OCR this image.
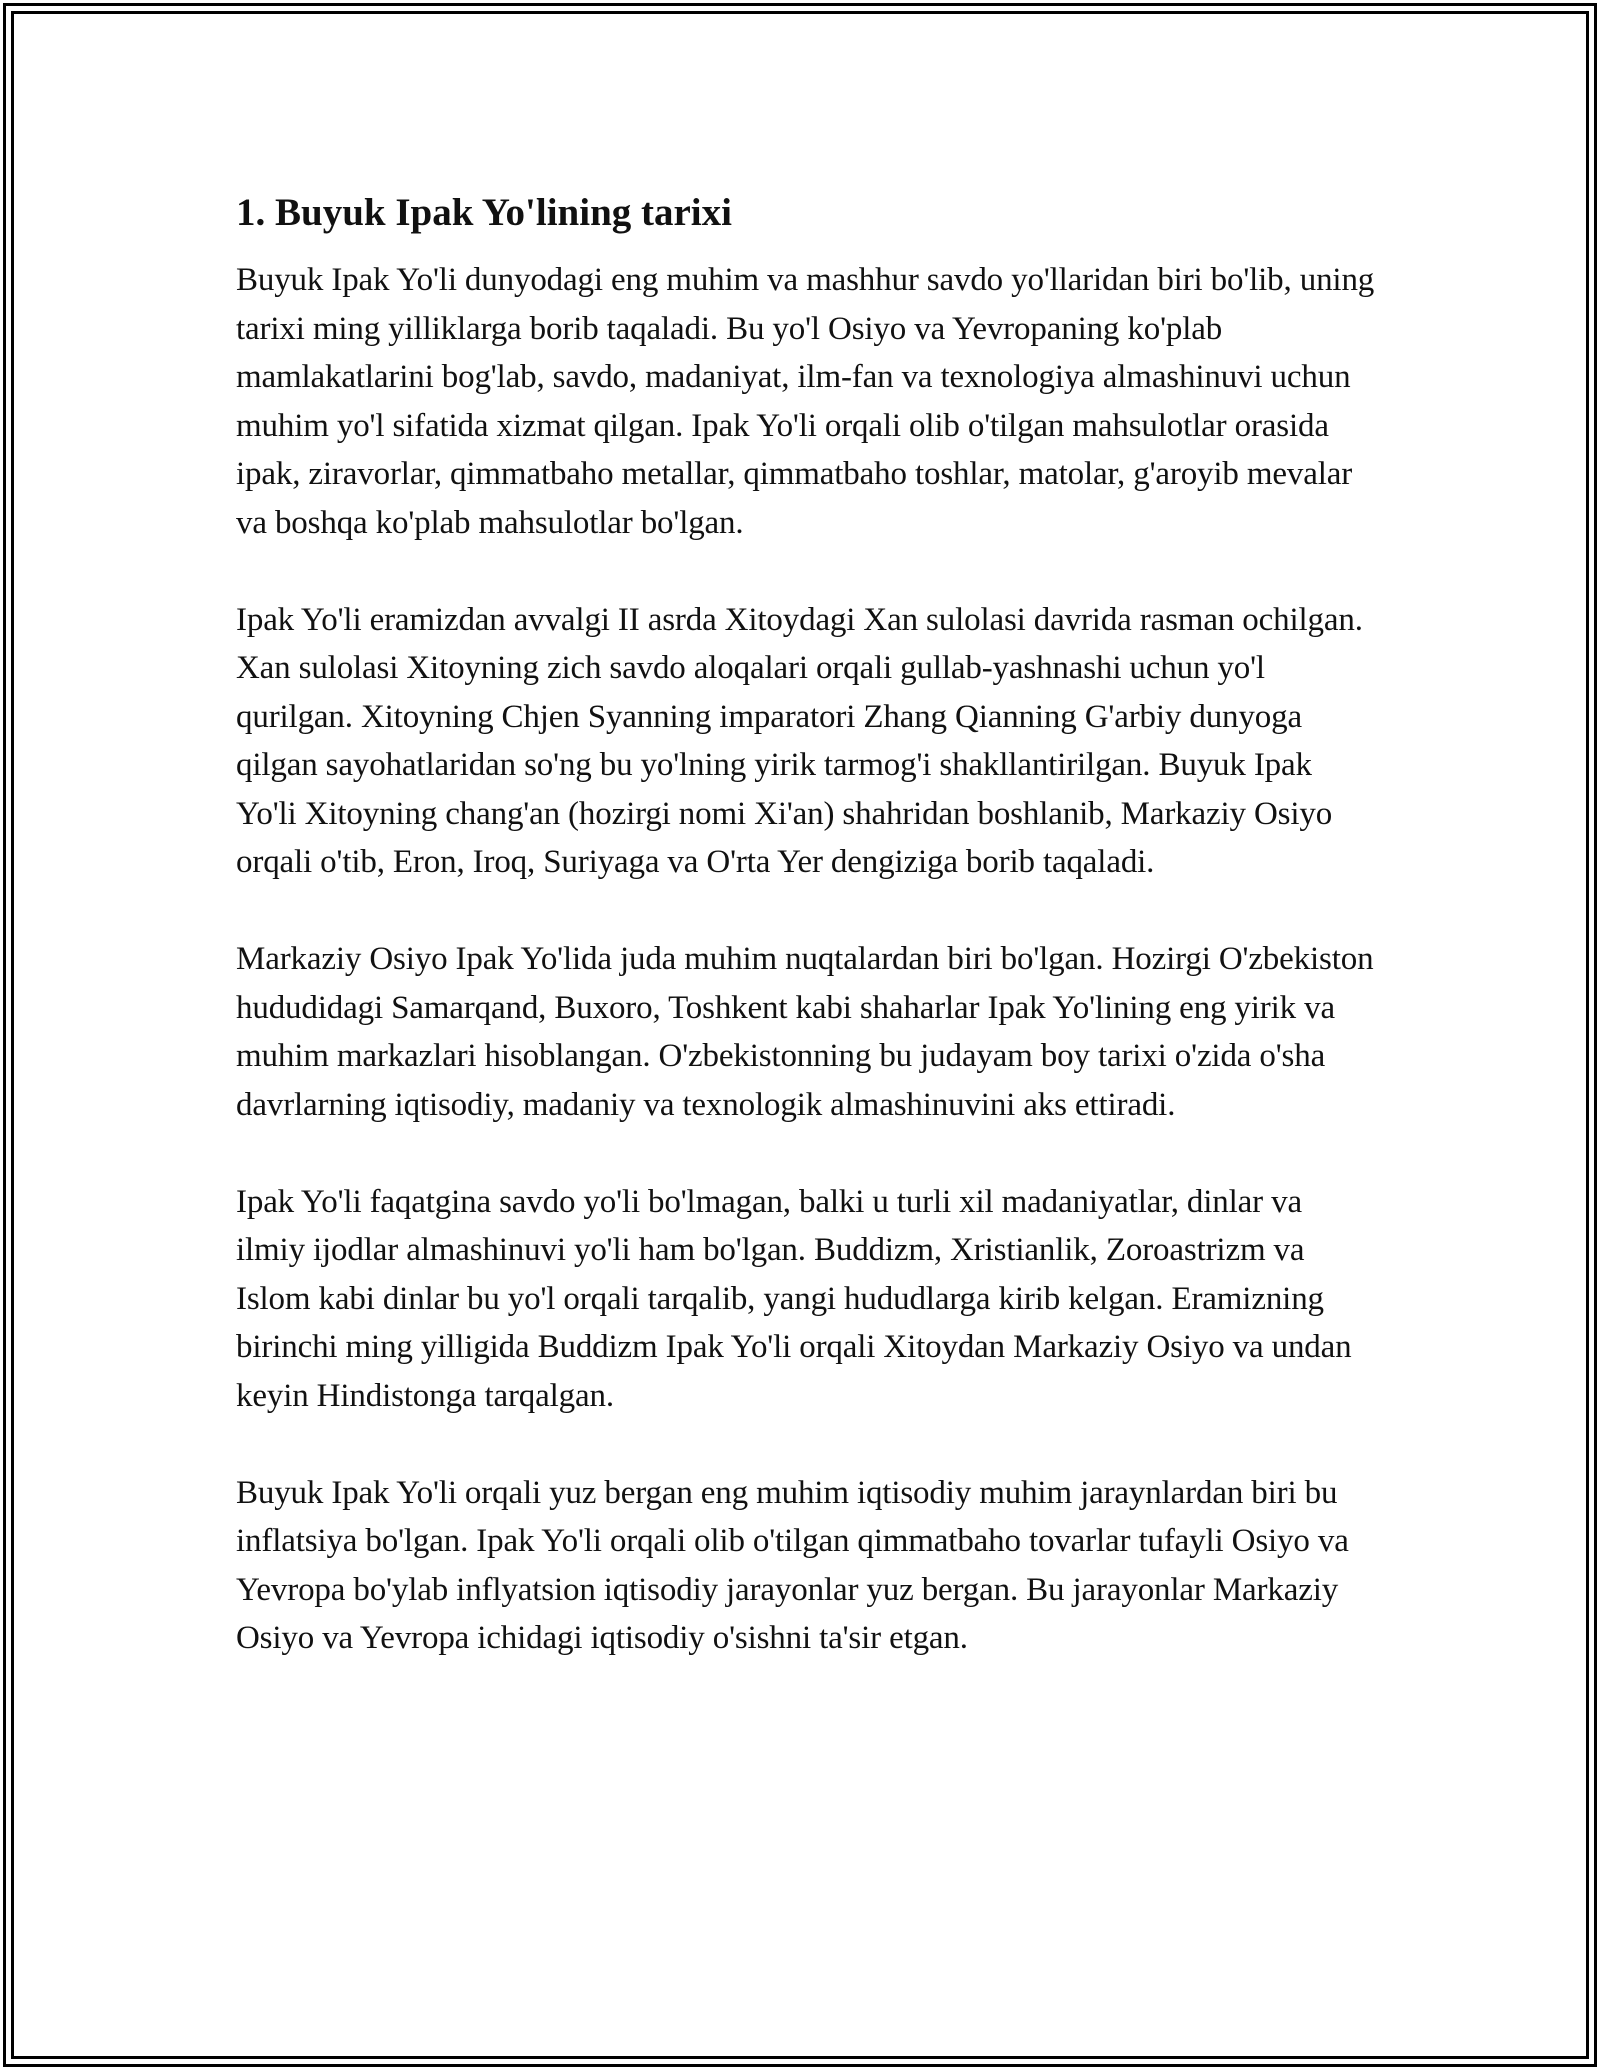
1. Buyuk Ipak Yo'lining tarixi

Buyuk Ipak Yo'li dunyodagi eng muhim va mashhur savdo yo'llaridan biri bo'lib, uning tarixi ming yilliklarga borib taqaladi. Bu yo'l Osiyo va Yevropaning ko'plab mamlakatlarini bog'lab, savdo, madaniyat, ilm-fan va texnologiya almashinuvi uchun muhim yo'l sifatida xizmat qilgan. Ipak Yo'li orqali olib o'tilgan mahsulotlar orasida ipak, ziravorlar, qimmatbaho metallar, qimmatbaho toshlar, matolar, g'aroyib mevalar va boshqa ko'plab mahsulotlar bo'lgan.

Ipak Yo'li eramizdan avvalgi II asrda Xitoydagi Xan sulolasi davrida rasman ochilgan. Xan sulolasi Xitoyning zich savdo aloqalari orqali gullab-yashnashi uchun yo'l qurilgan. Xitoyning Chjen Syanning imparatori Zhang Qianning G'arbiy dunyoga qilgan sayohatlaridan so'ng bu yo'lning yirik tarmog'i shakllantirilgan. Buyuk Ipak Yo'li Xitoyning chang'an (hozirgi nomi Xi'an) shahridan boshlanib, Markaziy Osiyo orqali o'tib, Eron, Iroq, Suriyaga va O'rta Yer dengiziga borib taqaladi.

Markaziy Osiyo Ipak Yo'lida juda muhim nuqtalardan biri bo'lgan. Hozirgi O'zbekiston hududidagi Samarqand, Buxoro, Toshkent kabi shaharlar Ipak Yo'lining eng yirik va muhim markazlari hisoblangan. O'zbekistonning bu judayam boy tarixi o'zida o'sha davrlarning iqtisodiy, madaniy va texnologik almashinuvini aks ettiradi.

Ipak Yo'li faqatgina savdo yo'li bo'lmagan, balki u turli xil madaniyatlar, dinlar va ilmiy ijodlar almashinuvi yo'li ham bo'lgan. Buddizm, Xristianlik, Zoroastrizm va Islom kabi dinlar bu yo'l orqali tarqalib, yangi hududlarga kirib kelgan. Eramizning birinchi ming yilligida Buddizm Ipak Yo'li orqali Xitoydan Markaziy Osiyo va undan keyin Hindistonga tarqalgan.

Buyuk Ipak Yo'li orqali yuz bergan eng muhim iqtisodiy muhim jaraynlardan biri bu inflatsiya bo'lgan. Ipak Yo'li orqali olib o'tilgan qimmatbaho tovarlar tufayli Osiyo va Yevropa bo'ylab inflyatsion iqtisodiy jarayonlar yuz bergan. Bu jarayonlar Markaziy Osiyo va Yevropa ichidagi iqtisodiy o'sishni ta'sir etgan.
